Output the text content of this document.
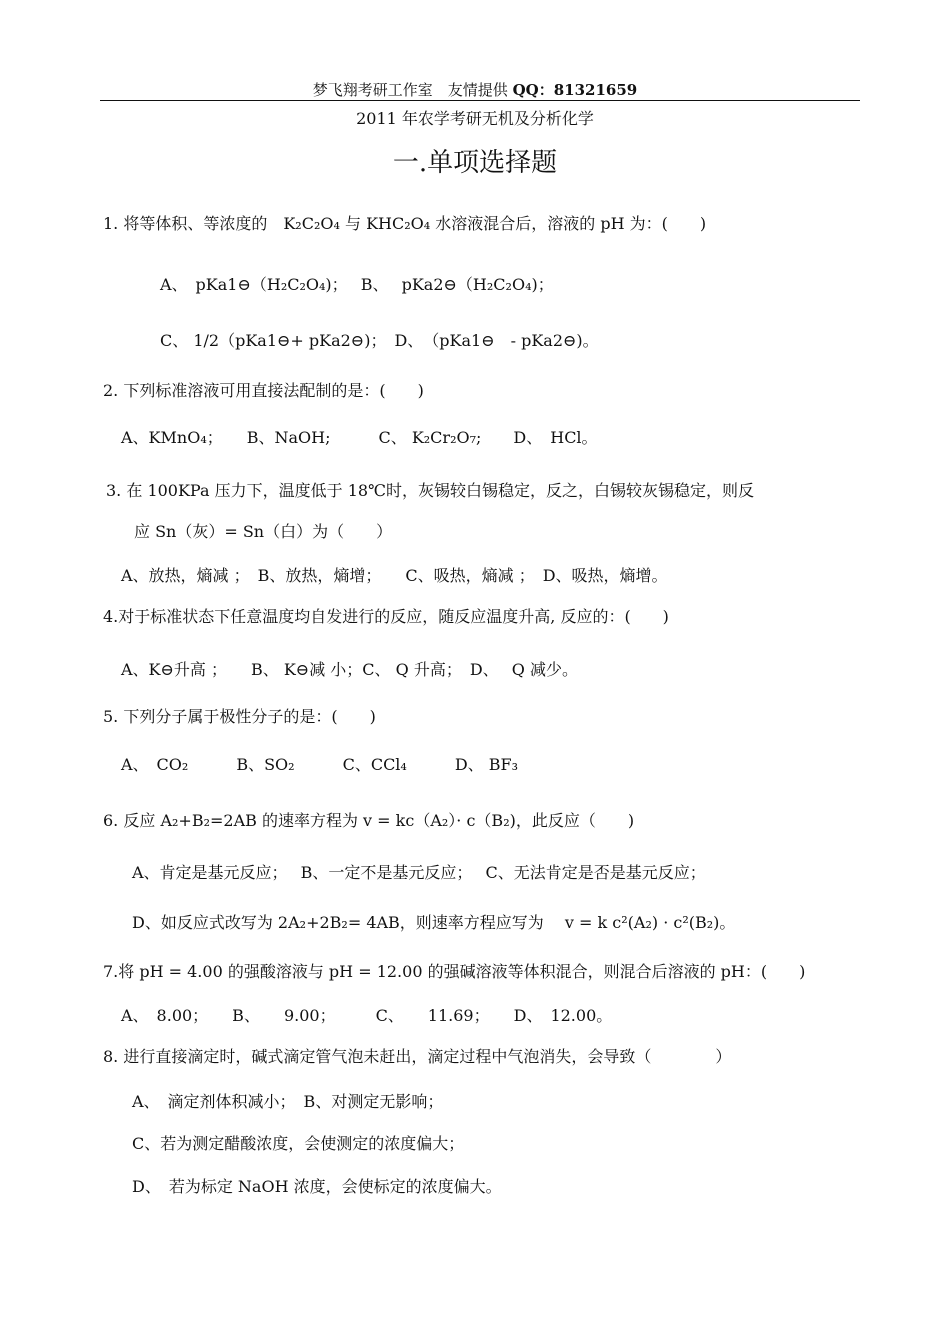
梦飞翔考研工作室　友情提供 QQ：81321659
2011 年农学考研无机及分析化学
一.单项选择题
1. 将等体积、等浓度的　K₂C₂O₄ 与 KHC₂O₄ 水溶液混合后，溶液的 pH 为：(　　)
A、　pKa1⊖（H₂C₂O₄)；　 B、　 pKa2⊖（H₂C₂O₄)；
C、 1/2（pKa1⊖+ pKa2⊖)；　D、　（pKa1⊖　- pKa2⊖)。
2. 下列标准溶液可用直接法配制的是：(　　)
A、KMnO₄；　　B、NaOH;　　　C、 K₂Cr₂O₇;　　D、　HCl。
3. 在 100KPa 压力下，温度低于 18℃时，灰锡较白锡稳定，反之，白锡较灰锡稳定，则反
应 Sn（灰）= Sn（白）为（　　）
A、放热，熵减 ；　B、放热，熵增；　　C、吸热，熵减 ；　D、吸热，熵增。
4.对于标准状态下任意温度均自发进行的反应，随反应温度升高, 反应的：(　　)
A、K⊖升高 ；　　B、 K⊖减 小；C、 Q 升高；　D、　 Q 减少。
5. 下列分子属于极性分子的是：(　　)
A、　CO₂　　　B、SO₂　　　C、CCl₄　　　D、 BF₃
6. 反应 A₂+B₂=2AB 的速率方程为 v = kc（A₂）· c（B₂)，此反应（　　)
A、肯定是基元反应；　 B、一定不是基元反应；　 C、无法肯定是否是基元反应；
D、如反应式改写为 2A₂+2B₂= 4AB，则速率方程应写为　 v = k c²(A₂) · c²(B₂)。
7.将 pH = 4.00 的强酸溶液与 pH = 12.00 的强碱溶液等体积混合，则混合后溶液的 pH：(　　)
A、　8.00；　　B、　　9.00；　　　C、　　11.69；　　D、　12.00。
8. 进行直接滴定时，碱式滴定管气泡未赶出，滴定过程中气泡消失，会导致（　　　　）
A、　滴定剂体积减小；　B、对测定无影响；
C、若为测定醋酸浓度，会使测定的浓度偏大；
D、　若为标定 NaOH 浓度，会使标定的浓度偏大。
